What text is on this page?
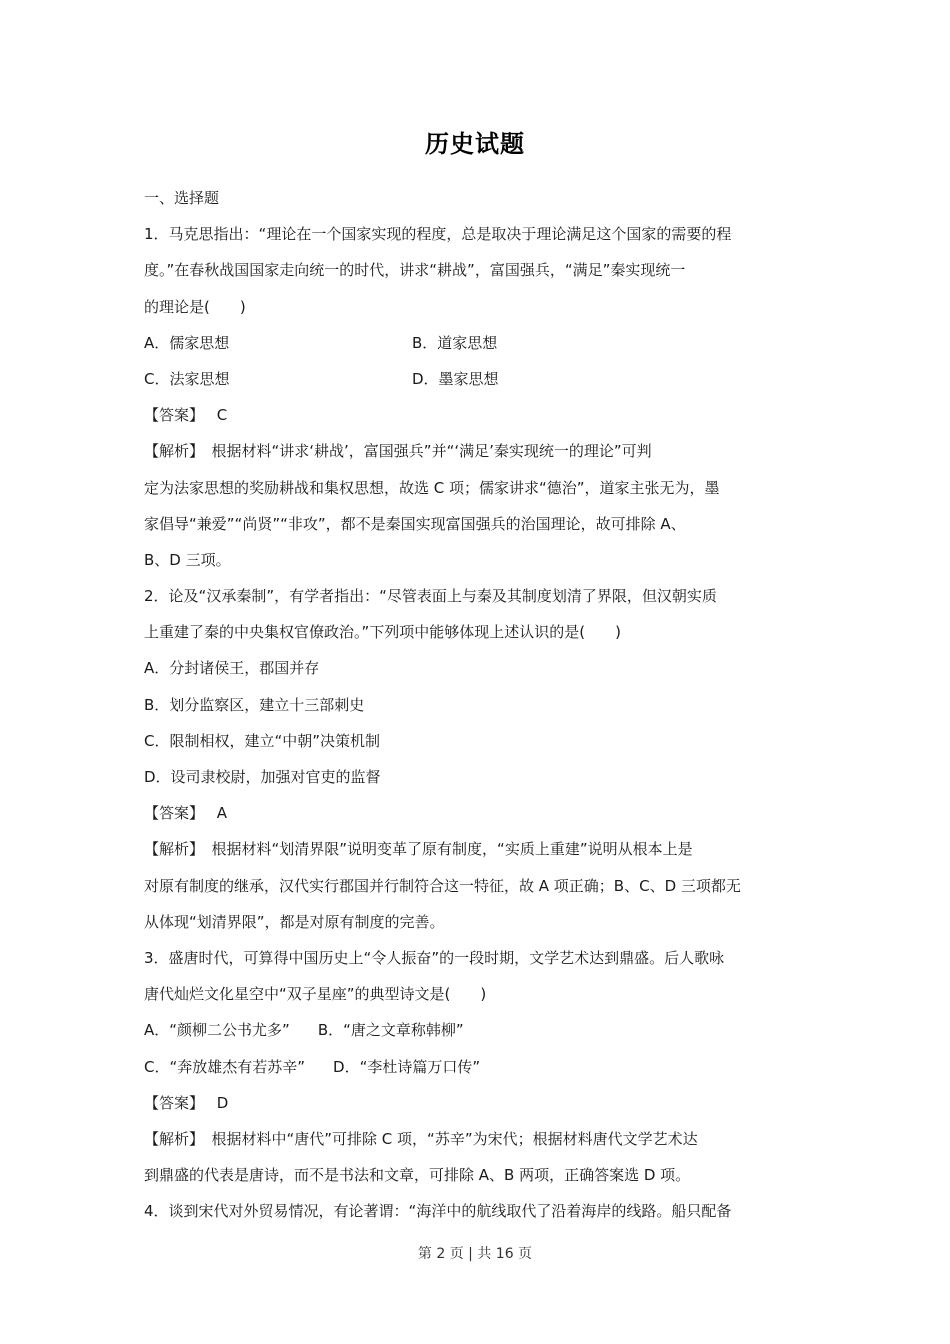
历史试题
一、选择题
1．马克思指出：“理论在一个国家实现的程度，总是取决于理论满足这个国家的需要的程
度。”在春秋战国国家走向统一的时代，讲求“耕战”，富国强兵，“满足”秦实现统一
的理论是(　　)
A．儒家思想	B．道家思想
C．法家思想	D．墨家思想
【答案】 C
【解析】　根据材料“讲求‘耕战’，富国强兵”并“‘满足’秦实现统一的理论”可判
定为法家思想的奖励耕战和集权思想，故选 C 项；儒家讲求“德治”，道家主张无为，墨
家倡导“兼爱”“尚贤”“非攻”，都不是秦国实现富国强兵的治国理论，故可排除 A、
B、D 三项。
2．论及“汉承秦制”，有学者指出：“尽管表面上与秦及其制度划清了界限，但汉朝实质
上重建了秦的中央集权官僚政治。”下列项中能够体现上述认识的是(　　)
A．分封诸侯王，郡国并存
B．划分监察区，建立十三部刺史
C．限制相权，建立“中朝”决策机制
D．设司隶校尉，加强对官吏的监督
【答案】 A
【解析】　根据材料“划清界限”说明变革了原有制度，“实质上重建”说明从根本上是
对原有制度的继承，汉代实行郡国并行制符合这一特征，故 A 项正确；B、C、D 三项都无
从体现“划清界限”，都是对原有制度的完善。
3．盛唐时代，可算得中国历史上“令人振奋”的一段时期，文学艺术达到鼎盛。后人歌咏
唐代灿烂文化星空中“双子星座”的典型诗文是(　　)
A．“颜柳二公书尤多” B．“唐之文章称韩柳”
C．“奔放雄杰有若苏辛” D．“李杜诗篇万口传”
【答案】 D
【解析】　根据材料中“唐代”可排除 C 项，“苏辛”为宋代；根据材料唐代文学艺术达
到鼎盛的代表是唐诗，而不是书法和文章，可排除 A、B 两项，正确答案选 D 项。
4．谈到宋代对外贸易情况，有论著谓：“海洋中的航线取代了沿着海岸的线路。船只配备
第 2 页 | 共 16 页
